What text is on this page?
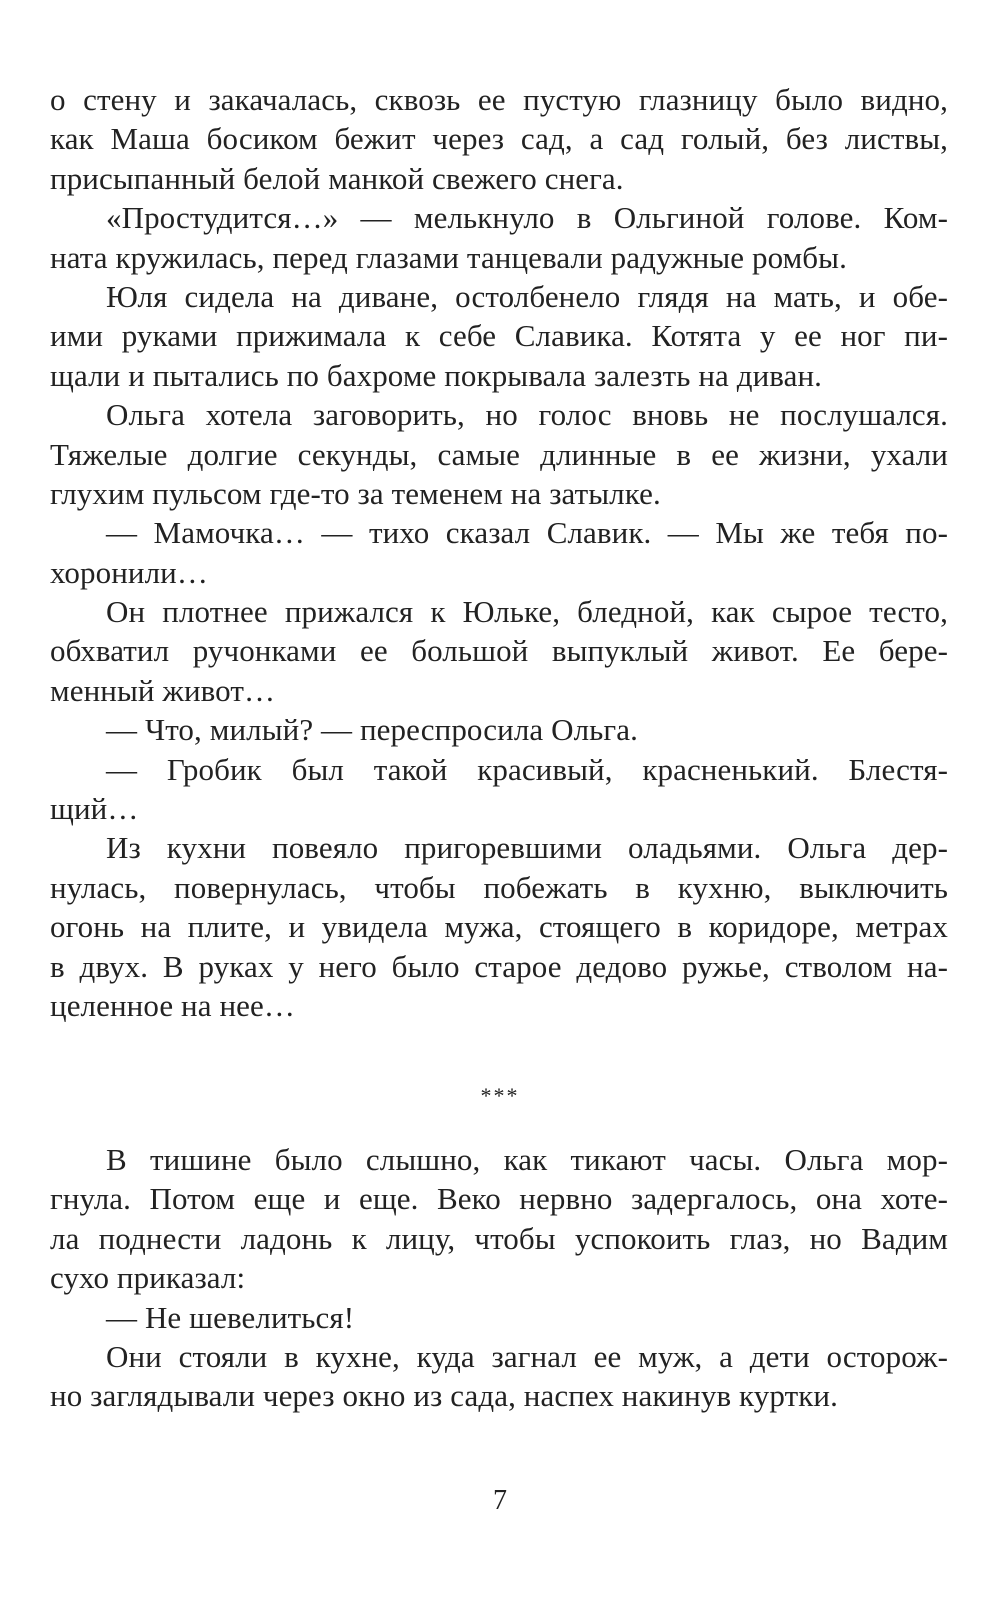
о стену и закачалась, сквозь ее пустую глазницу было видно,
как Маша босиком бежит через сад, а сад голый, без листвы,
присыпанный белой манкой свежего снега.
«Простудится…» — мелькнуло в Ольгиной голове. Ком-
ната кружилась, перед глазами танцевали радужные ромбы.
Юля сидела на диване, остолбенело глядя на мать, и обе-
ими руками прижимала к себе Славика. Котята у ее ног пи-
щали и пытались по бахроме покрывала залезть на диван.
Ольга хотела заговорить, но голос вновь не послушался.
Тяжелые долгие секунды, самые длинные в ее жизни, ухали
глухим пульсом где-то за теменем на затылке.
— Мамочка… — тихо сказал Славик. — Мы же тебя по-
хоронили…
Он плотнее прижался к Юльке, бледной, как сырое тесто,
обхватил ручонками ее большой выпуклый живот. Ее бере-
менный живот…
— Что, милый? — переспросила Ольга.
— Гробик был такой красивый, красненький. Блестя-
щий…
Из кухни повеяло пригоревшими оладьями. Ольга дер-
нулась, повернулась, чтобы побежать в кухню, выключить
огонь на плите, и увидела мужа, стоящего в коридоре, метрах
в двух. В руках у него было старое дедово ружье, стволом на-
целенное на нее…
***
В тишине было слышно, как тикают часы. Ольга мор-
гнула. Потом еще и еще. Веко нервно задергалось, она хоте-
ла поднести ладонь к лицу, чтобы успокоить глаз, но Вадим
сухо приказал:
— Не шевелиться!
Они стояли в кухне, куда загнал ее муж, а дети осторож-
но заглядывали через окно из сада, наспех накинув куртки.
7
